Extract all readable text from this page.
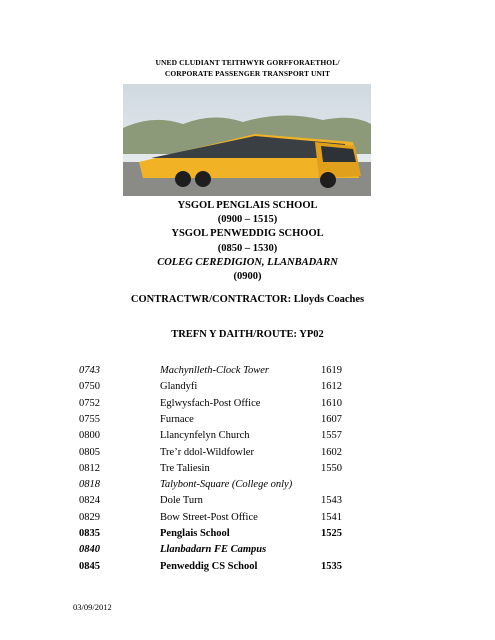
UNED CLUDIANT TEITHWYR GORFFORAETHOL/
CORPORATE PASSENGER TRANSPORT UNIT
YSGOL PENGLAIS SCHOOL
(0900 – 1515)
YSGOL PENWEDDIG SCHOOL
(0850 – 1530)
COLEG CEREDIGION, LLANBADARN
(0900)
CONTRACTWR/CONTRACTOR: Lloyds Coaches
TREFN Y DAITH/ROUTE: YP02
0743	Machynlleth-Clock Tower	1619
0750	Glandyfi	1612
0752	Eglwysfach-Post Office	1610
0755	Furnace	1607
0800	Llancynfelyn Church	1557
0805	Tre’r ddol-Wildfowler	1602
0812	Tre Taliesin	1550
0818	Talybont-Square (College only)
0824	Dole Turn	1543
0829	Bow Street-Post Office	1541
0835	Penglais School	1525
0840	Llanbadarn FE Campus
0845	Penweddig CS School	1535
03/09/2012
